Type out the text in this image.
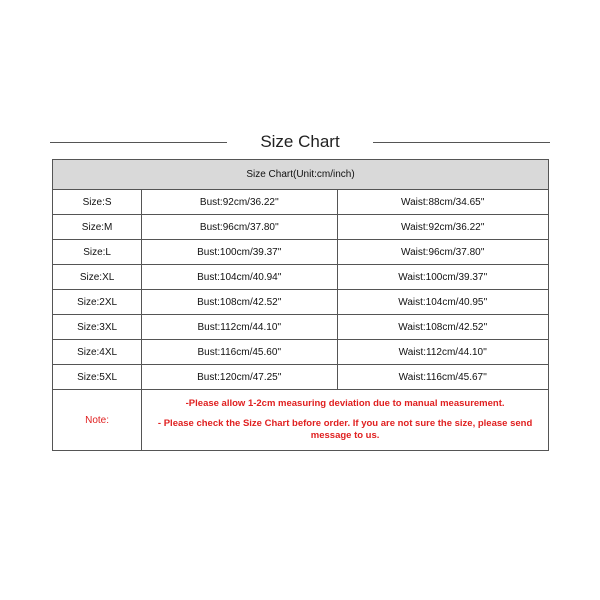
Size Chart
Size Chart(Unit:cm/inch)		
Size:S	Bust:92cm/36.22''	Waist:88cm/34.65''
Size:M	Bust:96cm/37.80''	Waist:92cm/36.22''
Size:L	Bust:100cm/39.37''	Waist:96cm/37.80''
Size:XL	Bust:104cm/40.94''	Waist:100cm/39.37''
Size:2XL	Bust:108cm/42.52''	Waist:104cm/40.95''
Size:3XL	Bust:112cm/44.10''	Waist:108cm/42.52''
Size:4XL	Bust:116cm/45.60''	Waist:112cm/44.10''
Size:5XL	Bust:120cm/47.25''	Waist:116cm/45.67''
Note:	-Please allow 1-2cm measuring deviation due to manual measurement.
- Please check the Size Chart before order. If you are not sure the size, please send message to us.	
